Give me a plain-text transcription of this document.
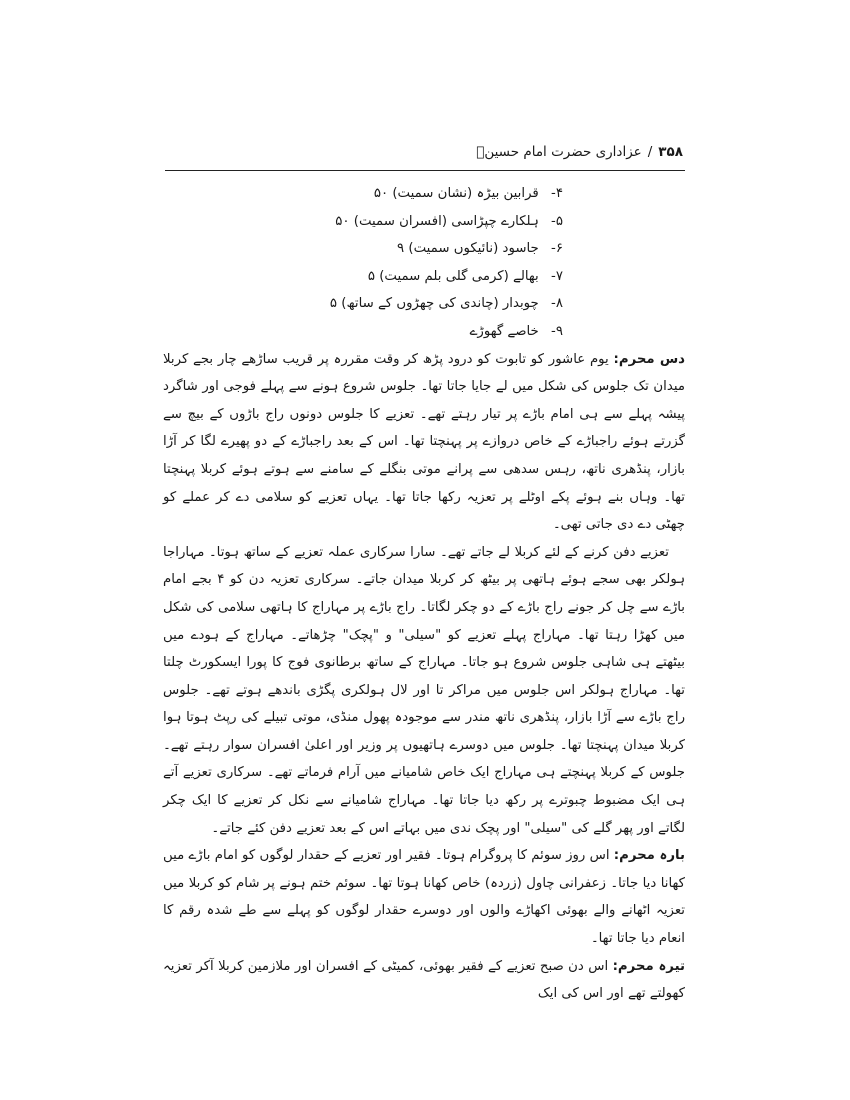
۳۵۸/عزاداری حضرت امام حسینؑ
۴- قرابین بیڑہ (نشان سمیت) ۵۰
۵- ہلکارے چپڑاسی (افسران سمیت) ۵۰
۶- جاسود (نائیکوں سمیت) ۹
۷- بھالے (کرمی گلی بلم سمیت) ۵
۸- چوبدار (چاندی کی چھڑوں کے ساتھ) ۵
۹- خاصے گھوڑے

دس محرم: یوم عاشور کو تابوت کو درود پڑھ کر وقت مقررہ پر قریب ساڑھے چار بجے کربلا میدان تک جلوس کی شکل میں لے جایا جاتا تھا۔ جلوس شروع ہونے سے پہلے فوجی اور شاگرد پیشہ پہلے سے ہی امام باڑے پر تیار رہتے تھے۔ تعزیے کا جلوس دونوں راج باڑوں کے بیچ سے گزرتے ہوئے راجباڑے کے خاص دروازے پر پہنچتا تھا۔ اس کے بعد راجباڑے کے دو پھیرے لگا کر آڑا بازار، پنڈھری ناتھ، رہس سدھی سے پرانے موتی بنگلے کے سامنے سے ہوتے ہوئے کربلا پہنچتا تھا۔ وہاں بنے ہوئے پکے اوٹلے پر تعزیہ رکھا جاتا تھا۔ یہاں تعزیے کو سلامی دے کر عملے کو چھٹی دے دی جاتی تھی۔

تعزیے دفن کرنے کے لئے کربلا لے جاتے تھے۔ سارا سرکاری عملہ تعزیے کے ساتھ ہوتا۔ مہاراجا ہولکر بھی سجے ہوئے ہاتھی پر بیٹھ کر کربلا میدان جاتے۔ سرکاری تعزیہ دن کو ۴ بجے امام باڑے سے چل کر جونے راج باڑے کے دو چکر لگاتا۔ راج باڑے پر مہاراج کا ہاتھی سلامی کی شکل میں کھڑا رہتا تھا۔ مہاراج پہلے تعزیے کو "سیلی" و "پچک" چڑھاتے۔ مہاراج کے ہودے میں بیٹھتے ہی شاہی جلوس شروع ہو جاتا۔ مہاراج کے ساتھ برطانوی فوج کا پورا ایسکورٹ چلتا تھا۔ مہاراج ہولکر اس جلوس میں مراکر تا اور لال ہولکری پگڑی باندھے ہوتے تھے۔ جلوس راج باڑے سے آڑا بازار، پنڈھری ناتھ مندر سے موجودہ پھول منڈی، موتی تبیلے کی رپٹ ہوتا ہوا کربلا میدان پہنچتا تھا۔ جلوس میں دوسرے ہاتھیوں پر وزیر اور اعلیٰ افسران سوار رہتے تھے۔ جلوس کے کربلا پہنچتے ہی مہاراج ایک خاص شامیانے میں آرام فرماتے تھے۔ سرکاری تعزیے آتے ہی ایک مضبوط چبوترے پر رکھ دیا جاتا تھا۔ مہاراج شامیانے سے نکل کر تعزیے کا ایک چکر لگاتے اور پھر گلے کی "سیلی" اور پچک ندی میں بہاتے اس کے بعد تعزیے دفن کئے جاتے۔

بارہ محرم: اس روز سوئم کا پروگرام ہوتا۔ فقیر اور تعزیے کے حقدار لوگوں کو امام باڑے میں کھانا دیا جاتا۔ زعفرانی چاول (زردہ) خاص کھانا ہوتا تھا۔ سوئم ختم ہونے پر شام کو کربلا میں تعزیہ اٹھانے والے بھوئی اکھاڑے والوں اور دوسرے حقدار لوگوں کو پہلے سے طے شدہ رقم کا انعام دیا جاتا تھا۔

تیرہ محرم: اس دن صبح تعزیے کے فقیر بھوئی، کمیٹی کے افسران اور ملازمین کربلا آکر تعزیہ کھولتے تھے اور اس کی ایک
